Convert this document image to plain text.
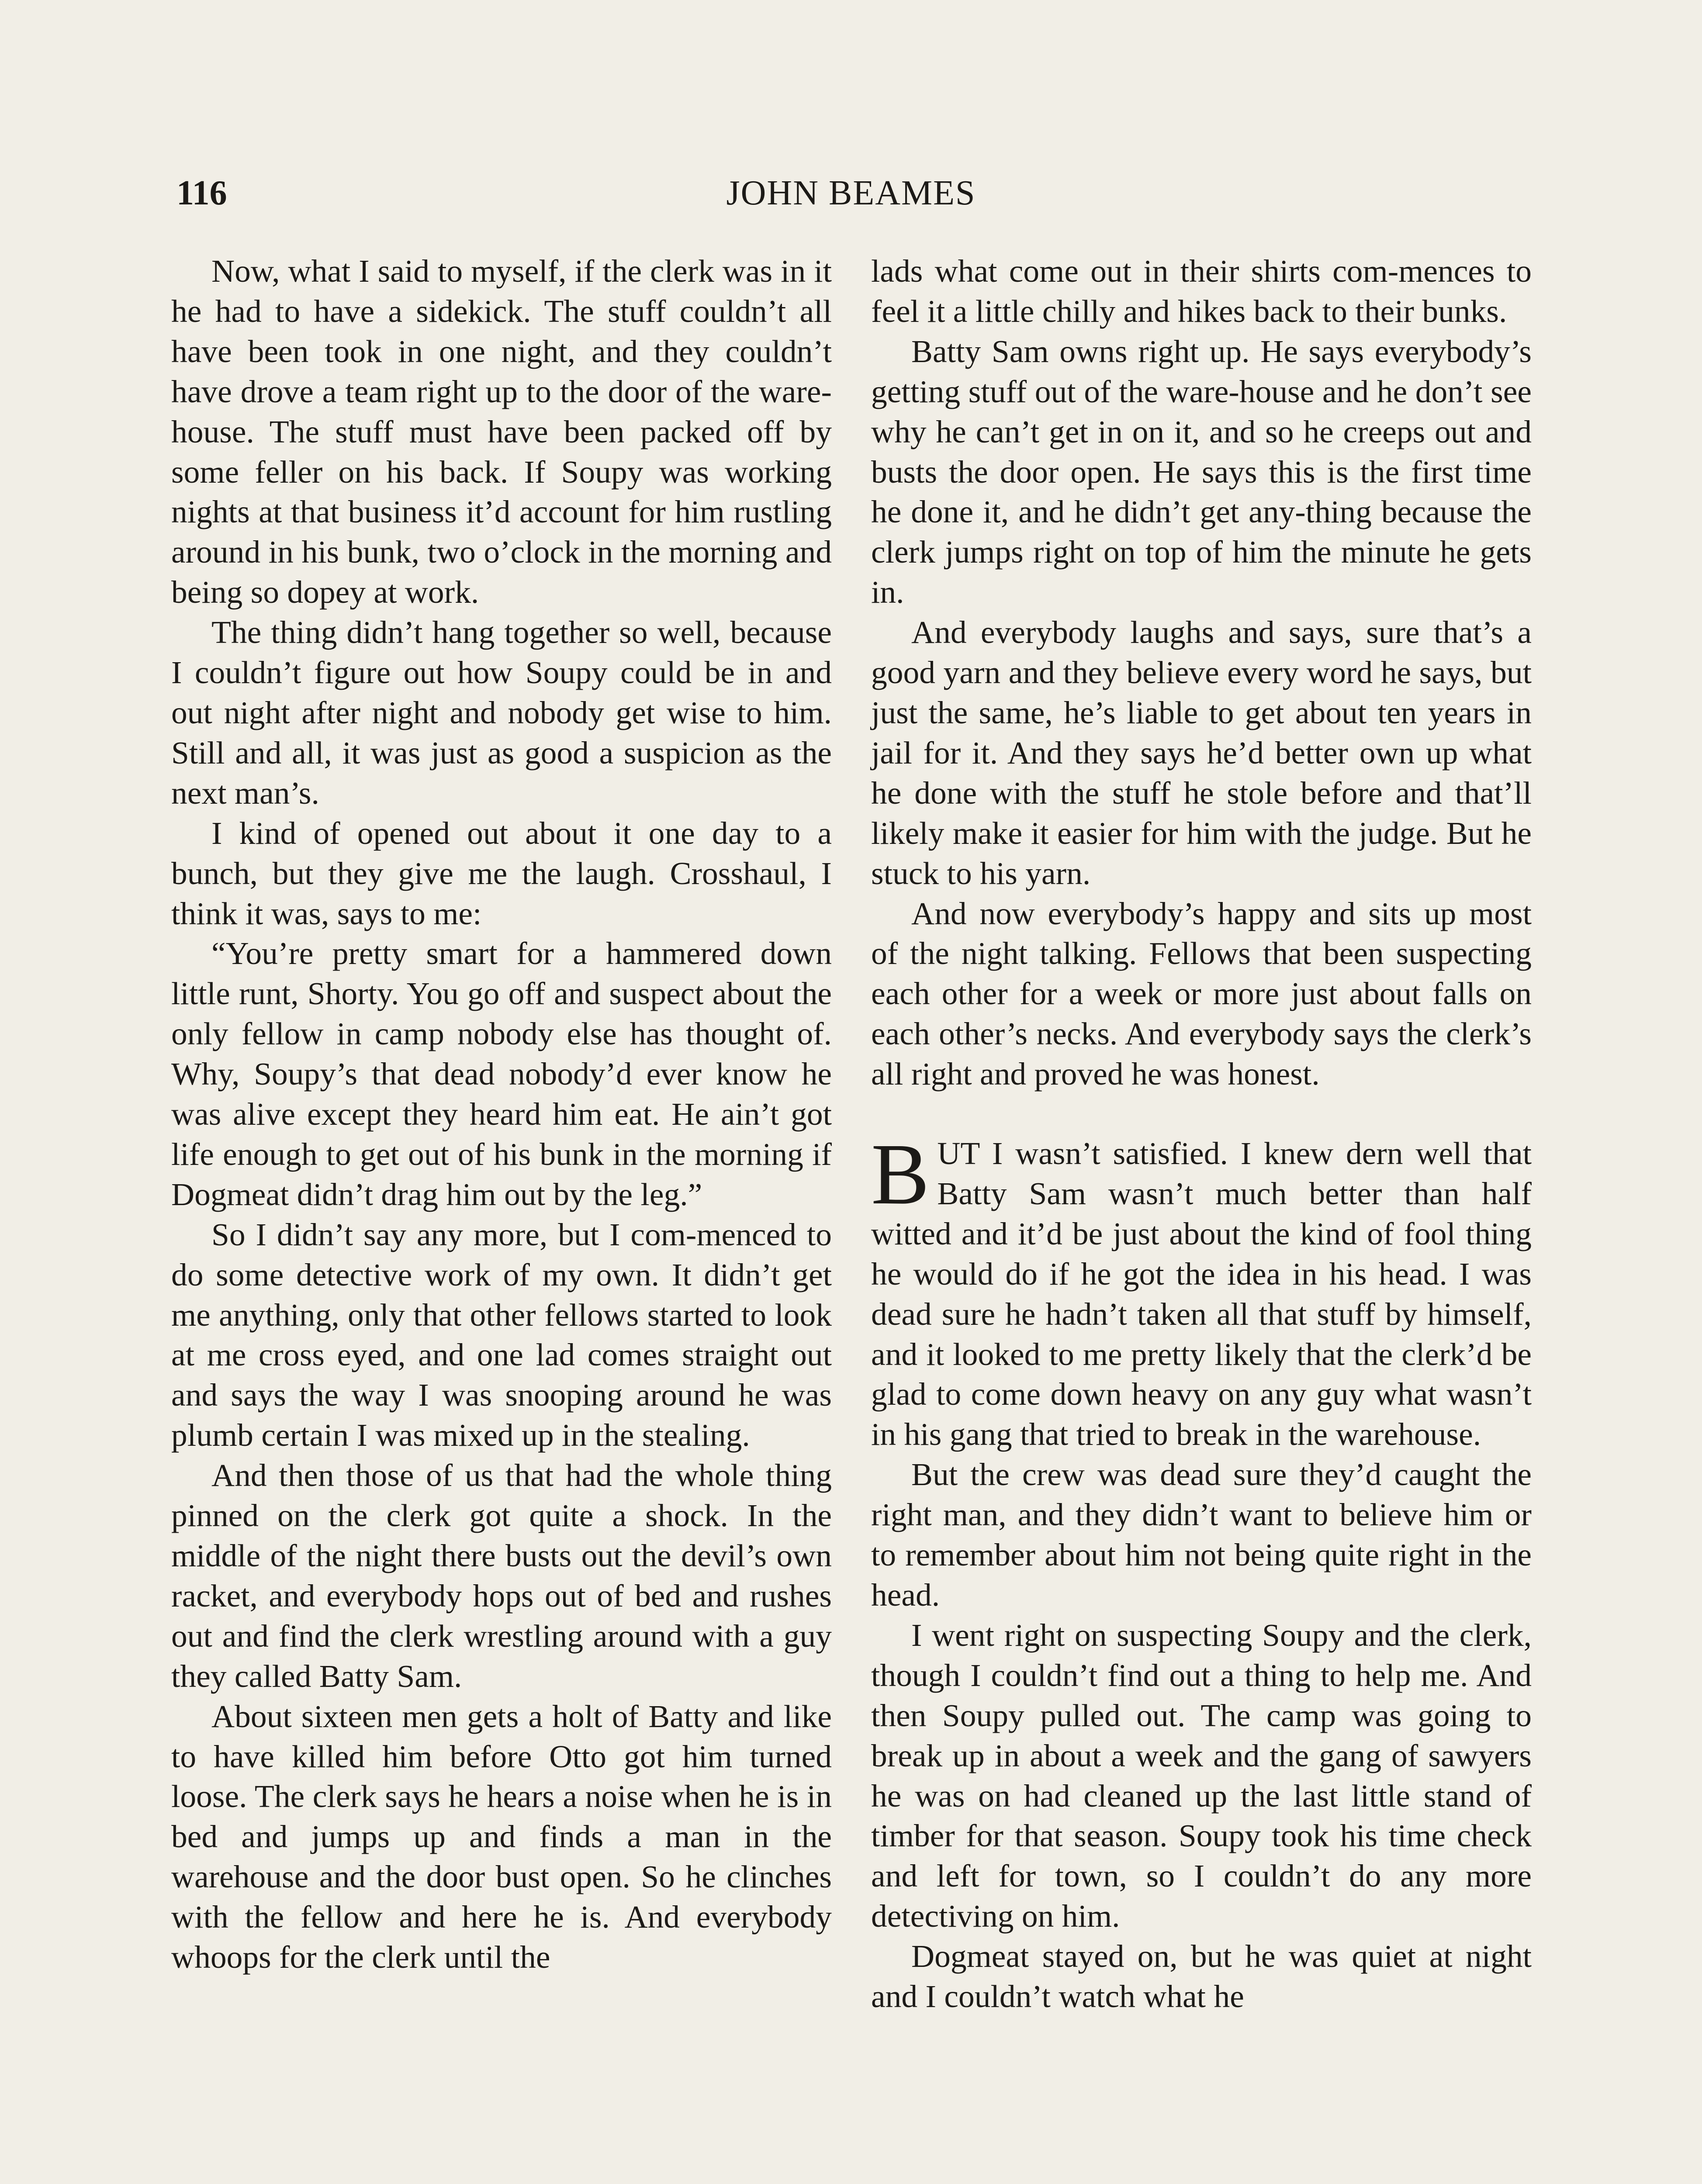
116	JOHN BEAMES

Now, what I said to myself, if the clerk was in it he had to have a sidekick. The stuff couldn’t all have been took in one night, and they couldn’t have drove a team right up to the door of the ware-house. The stuff must have been packed off by some feller on his back. If Soupy was working nights at that business it’d account for him rustling around in his bunk, two o’clock in the morning and being so dopey at work.

The thing didn’t hang together so well, because I couldn’t figure out how Soupy could be in and out night after night and nobody get wise to him. Still and all, it was just as good a suspicion as the next man’s.

I kind of opened out about it one day to a bunch, but they give me the laugh. Crosshaul, I think it was, says to me:

“You’re pretty smart for a hammered down little runt, Shorty. You go off and suspect about the only fellow in camp nobody else has thought of. Why, Soupy’s that dead nobody’d ever know he was alive except they heard him eat. He ain’t got life enough to get out of his bunk in the morning if Dogmeat didn’t drag him out by the leg.”

So I didn’t say any more, but I com-menced to do some detective work of my own. It didn’t get me anything, only that other fellows started to look at me cross eyed, and one lad comes straight out and says the way I was snooping around he was plumb certain I was mixed up in the stealing.

And then those of us that had the whole thing pinned on the clerk got quite a shock. In the middle of the night there busts out the devil’s own racket, and everybody hops out of bed and rushes out and find the clerk wrestling around with a guy they called Batty Sam.

About sixteen men gets a holt of Batty and like to have killed him before Otto got him turned loose. The clerk says he hears a noise when he is in bed and jumps up and finds a man in the warehouse and the door bust open. So he clinches with the fellow and here he is. And everybody whoops for the clerk until the

lads what come out in their shirts com-mences to feel it a little chilly and hikes back to their bunks.

Batty Sam owns right up. He says everybody’s getting stuff out of the ware-house and he don’t see why he can’t get in on it, and so he creeps out and busts the door open. He says this is the first time he done it, and he didn’t get any-thing because the clerk jumps right on top of him the minute he gets in.

And everybody laughs and says, sure that’s a good yarn and they believe every word he says, but just the same, he’s liable to get about ten years in jail for it. And they says he’d better own up what he done with the stuff he stole before and that’ll likely make it easier for him with the judge. But he stuck to his yarn.

And now everybody’s happy and sits up most of the night talking. Fellows that been suspecting each other for a week or more just about falls on each other’s necks. And everybody says the clerk’s all right and proved he was honest.

BUT I wasn’t satisfied. I knew dern well that Batty Sam wasn’t much better than half witted and it’d be just about the kind of fool thing he would do if he got the idea in his head. I was dead sure he hadn’t taken all that stuff by himself, and it looked to me pretty likely that the clerk’d be glad to come down heavy on any guy what wasn’t in his gang that tried to break in the warehouse.

But the crew was dead sure they’d caught the right man, and they didn’t want to believe him or to remember about him not being quite right in the head.

I went right on suspecting Soupy and the clerk, though I couldn’t find out a thing to help me. And then Soupy pulled out. The camp was going to break up in about a week and the gang of sawyers he was on had cleaned up the last little stand of timber for that season. Soupy took his time check and left for town, so I couldn’t do any more detectiving on him.

Dogmeat stayed on, but he was quiet at night and I couldn’t watch what he
